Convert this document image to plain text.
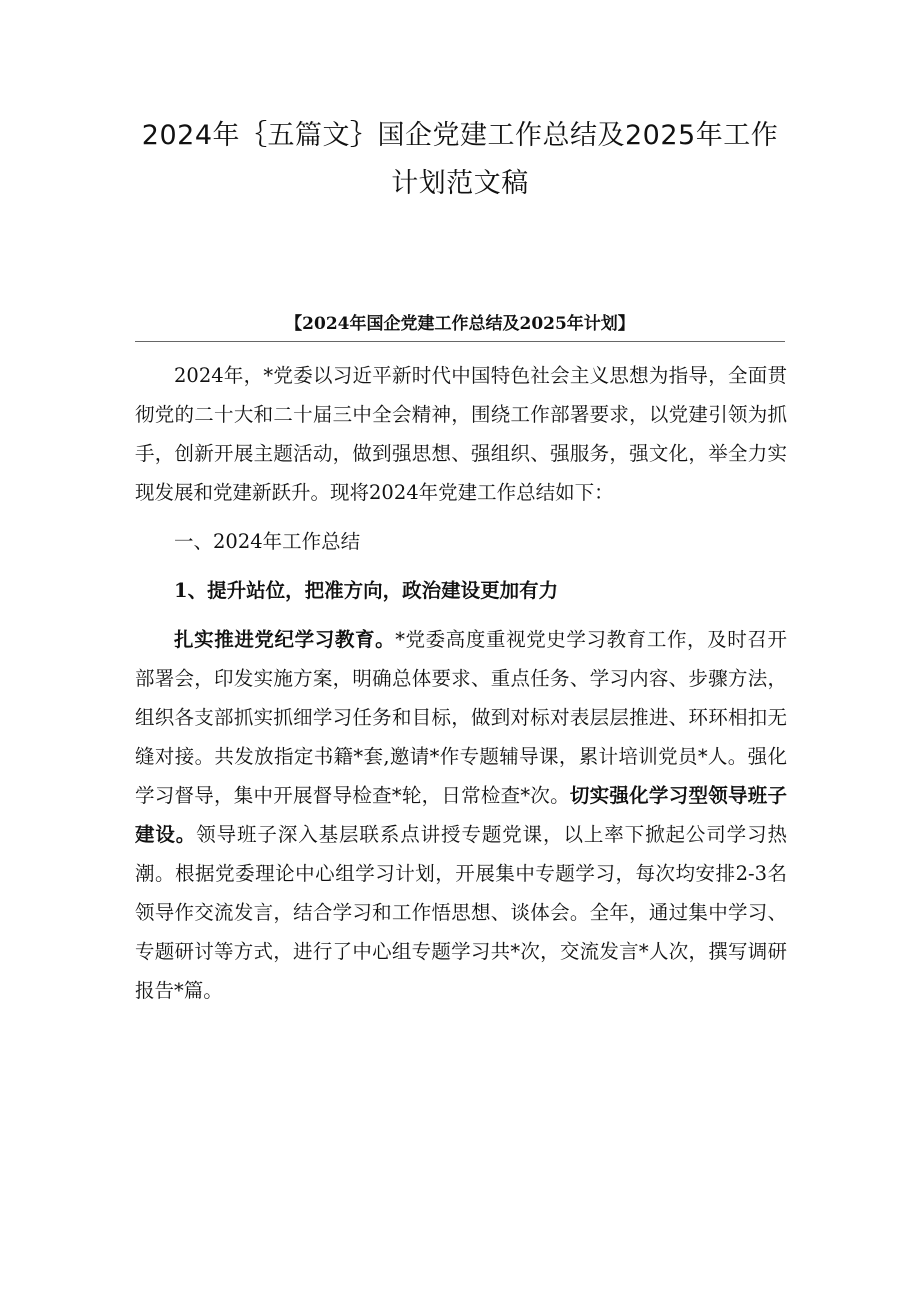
2024年｛五篇文｝国企党建工作总结及2025年工作
计划范文稿
【2024年国企党建工作总结及2025年计划】

2024年，*党委以习近平新时代中国特色社会主义思想为指导，全面贯彻党的二十大和二十届三中全会精神，围绕工作部署要求，以党建引领为抓手，创新开展主题活动，做到强思想、强组织、强服务，强文化，举全力实现发展和党建新跃升。现将2024年党建工作总结如下：

一、2024年工作总结

1、提升站位，把准方向，政治建设更加有力

扎实推进党纪学习教育。*党委高度重视党史学习教育工作，及时召开部署会，印发实施方案，明确总体要求、重点任务、学习内容、步骤方法，组织各支部抓实抓细学习任务和目标，做到对标对表层层推进、环环相扣无缝对接。共发放指定书籍*套,邀请*作专题辅导课，累计培训党员*人。强化学习督导，集中开展督导检查*轮，日常检查*次。切实强化学习型领导班子建设。领导班子深入基层联系点讲授专题党课，以上率下掀起公司学习热潮。根据党委理论中心组学习计划，开展集中专题学习，每次均安排2-3名领导作交流发言，结合学习和工作悟思想、谈体会。全年，通过集中学习、专题研讨等方式，进行了中心组专题学习共*次，交流发言*人次，撰写调研报告*篇。
